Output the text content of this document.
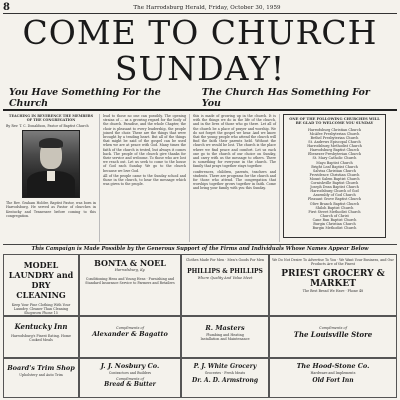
8	The Harrodsburg Herald, Friday, October 30, 1959
COME TO CHURCH SUNDAY!
You Have Something For the Church
The Church Has Something For You
TEACHING IN REVERENCE THE MEMBERS OF THE CONGREGATION
By Rev. T. C. Donaldson, Pastor of Baptist Church
The Rev. Graham Holder, Baptist Pastor, was born in Harrodsburg. He served as Pastor of churches in Kentucky and Tennessee before coming to this congregation.

lead to those no one can possibly. The opening strains of ... as a growing regard for the body of the church. Paradise, and the whole Chapter, the choir is pleasant to every leadership, the people joined the choir. These are the things that were brought by a tending heart. But all of the things that might be said of the gospel can be used when we are at peace with God. Many times the faith of the church is tested, but always it comes back. The people of the church give thanks for their service and welcome. To those who are lost we reach out. Let us seek to come to the house of God each Sunday. We go to the church because we love God.

All of the people came to the Sunday school and those in the church, to hear the message which was given to the people.

this is made of growing up in the church. It is with the things we do in the life of the church, and in the lives of those who go there. Let all of the church be a place of prayer and worship. We do not forget the gospel we hear. And we know that the young people who attend the church will find the faith their parents held. Without the church we would be lost. The church is the place where we find peace and comfort. Let us each one go to the church of our choice on Sunday, and carry with us the message to others. There is something for everyone in the church. The family that prays together stays together.

conferences, children, parents, teachers and students. There are programs for the church and for those who attend. The congregation that worships together grows together in faith. Come and bring your family with you this Sunday.

ONE OF THE FOLLOWING CHURCHES WILL BE GLAD TO WELCOME YOU SUNDAY
Harrodsburg Christian Church
McAfee Presbyterian Church
Bethel Presbyterian Church
St. Andrews Episcopal Church
Harrodsburg Methodist Church
Harrodsburg Baptist Church
Ebenezer Presbyterian Church
St. Mary Catholic Church
Mayo Baptist Church
Bright Leaf Baptist Church
Salvisa Christian Church
Providence Christian Church
Mount Salem Baptist Church
Cornishville Baptist Church
Joseph Dean Baptist Church
Harrodsburg Church of God
Assembly of God Church
Pleasant Grove Baptist Church
Olive Branch Baptist Church
Shiloh Baptist Church
First Street Methodist Church
Church of Christ
Cane Run Baptist Church
Burgin Christian Church
Burgin Methodist Church
This Campaign is Made Possible by the Generous Support of the Firms and Individuals Whose Names Appear Below
MODEL LAUNDRY and DRY CLEANING
Keep Your Fine Clothing With Your Laundry. Cleaner Than Cleaning Shopworn Phone 15
BONTA & NOEL
Harrodsburg, Ky.
Conditioning Hens and Young Hens · Furnishing and Standard Insurance Service to Farmers and Retailers
Clothes Made For Men · Men's Goods For Men
PHILLIPS & PHILLIPS
Where Quality And Value Meet
We Do Not Desire To Advertise To You · We Want Your Business, and Our Products Are of the Finest
PRIEST GROCERY & MARKET
The Best Bread We Have · Phone 48
Kentucky Inn
Harrodsburg's Finest Eating. Home Cooked Meals
Compliments of
Alexander & Bagatto
R. Masters
Plumbing and Heating
Installation and Maintenance
Compliments of
The Louisville Store
Board's Trim Shop
Upholstery and Auto Trim
J. J. Nosbury Co.
Contractors and Builders
Compliments of
Bread & Butter
P. J. White Grocery
Groceries · Fresh Meats
Dr. A. D. Armstrong
The Hood-Stone Co.
Hardware and Implements
Old Fort Inn
